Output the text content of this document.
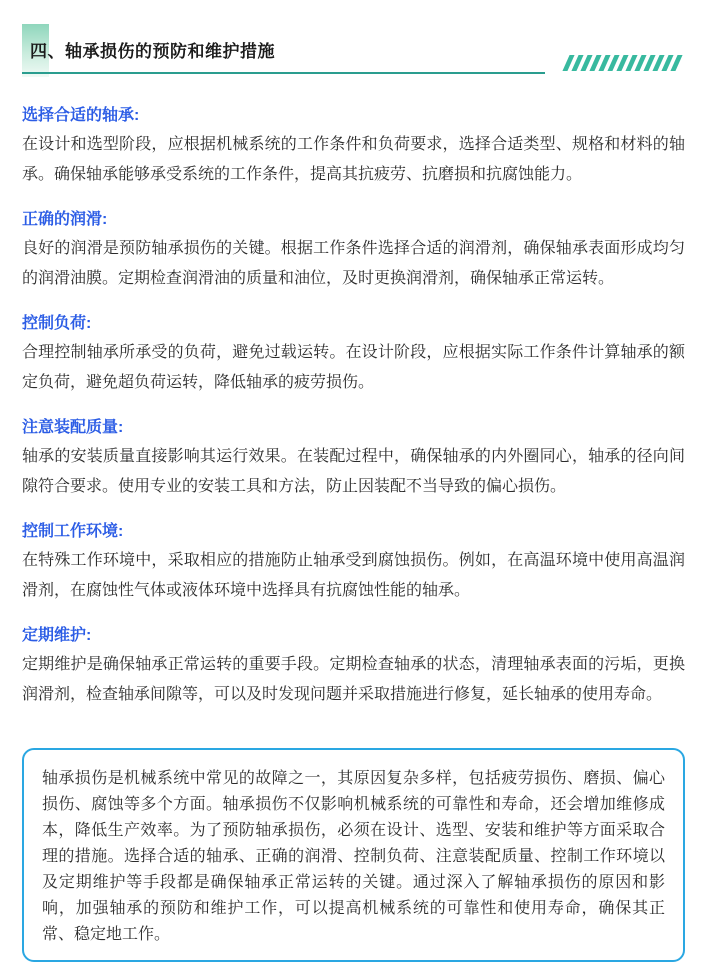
四、轴承损伤的预防和维护措施
选择合适的轴承:

在设计和选型阶段，应根据机械系统的工作条件和负荷要求，选择合适类型、规格和材料的轴承。确保轴承能够承受系统的工作条件，提高其抗疲劳、抗磨损和抗腐蚀能力。

正确的润滑:

良好的润滑是预防轴承损伤的关键。根据工作条件选择合适的润滑剂，确保轴承表面形成均匀的润滑油膜。定期检查润滑油的质量和油位，及时更换润滑剂，确保轴承正常运转。

控制负荷:

合理控制轴承所承受的负荷，避免过载运转。在设计阶段，应根据实际工作条件计算轴承的额定负荷，避免超负荷运转，降低轴承的疲劳损伤。

注意装配质量:

轴承的安装质量直接影响其运行效果。在装配过程中，确保轴承的内外圈同心，轴承的径向间隙符合要求。使用专业的安装工具和方法，防止因装配不当导致的偏心损伤。

控制工作环境:

在特殊工作环境中，采取相应的措施防止轴承受到腐蚀损伤。例如，在高温环境中使用高温润滑剂，在腐蚀性气体或液体环境中选择具有抗腐蚀性能的轴承。

定期维护:

定期维护是确保轴承正常运转的重要手段。定期检查轴承的状态，清理轴承表面的污垢，更换润滑剂，检查轴承间隙等，可以及时发现问题并采取措施进行修复，延长轴承的使用寿命。

轴承损伤是机械系统中常见的故障之一，其原因复杂多样，包括疲劳损伤、磨损、偏心损伤、腐蚀等多个方面。轴承损伤不仅影响机械系统的可靠性和寿命，还会增加维修成本，降低生产效率。为了预防轴承损伤，必须在设计、选型、安装和维护等方面采取合理的措施。选择合适的轴承、正确的润滑、控制负荷、注意装配质量、控制工作环境以及定期维护等手段都是确保轴承正常运转的关键。通过深入了解轴承损伤的原因和影响，加强轴承的预防和维护工作，可以提高机械系统的可靠性和使用寿命，确保其正常、稳定地工作。
